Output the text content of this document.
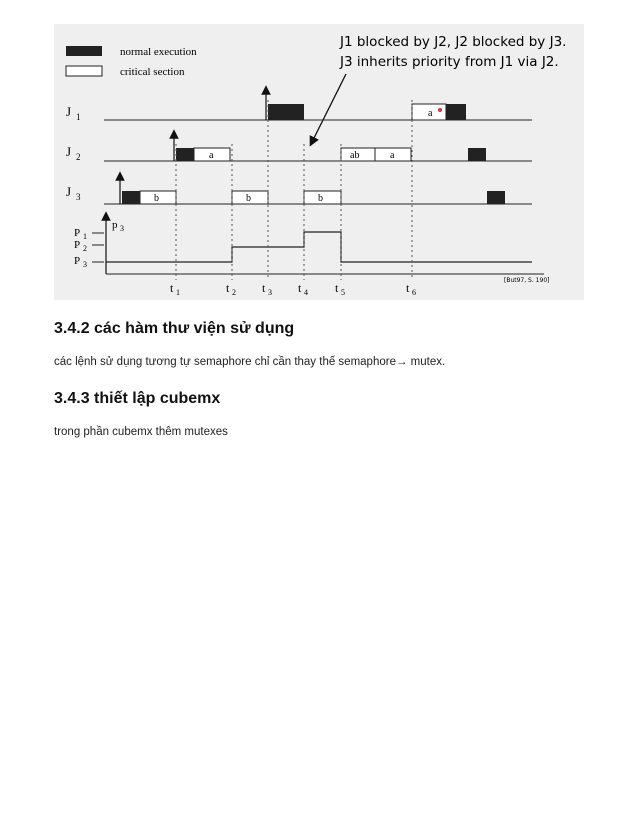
normal execution
critical section
J1 blocked by J2, J2 blocked by J3.
J3 inherits priority from J1 via J2.
J 1	a
J 2	a	ab	a
J 3	b	b	b
p 3
P 1
P 2
P 3
t 1	t 2 t 3 t 4 t 5	t 6
[But97, S. 190]
3.4.2 các hàm thư viện sử dụng

các lệnh sử dụng tương tự semaphore chỉ cần thay thế semaphore→ mutex.

3.4.3 thiết lập cubemx

trong phần cubemx thêm mutexes
